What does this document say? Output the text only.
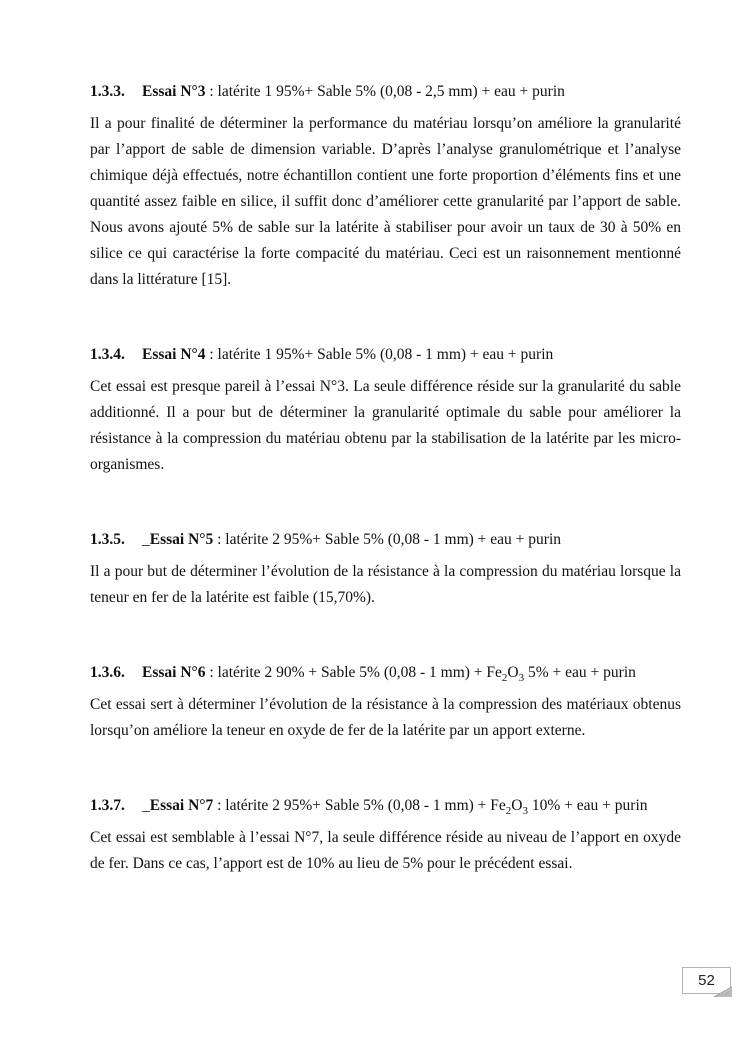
1.3.3. Essai N°3 : latérite 1 95%+ Sable 5% (0,08 - 2,5 mm) + eau + purin

Il a pour finalité de déterminer la performance du matériau lorsqu’on améliore la granularité par l’apport de sable de dimension variable. D’après l’analyse granulométrique et l’analyse chimique déjà effectués, notre échantillon contient une forte proportion d’éléments fins et une quantité assez faible en silice, il suffit donc d’améliorer cette granularité par l’apport de sable. Nous avons ajouté 5% de sable sur la latérite à stabiliser pour avoir un taux de 30 à 50% en silice ce qui caractérise la forte compacité du matériau. Ceci est un raisonnement mentionné dans la littérature [15].

1.3.4. Essai N°4 : latérite 1 95%+ Sable 5% (0,08 - 1 mm) + eau + purin

Cet essai est presque pareil à l’essai N°3. La seule différence réside sur la granularité du sable additionné. Il a pour but de déterminer la granularité optimale du sable pour améliorer la résistance à la compression du matériau obtenu par la stabilisation de la latérite par les micro-organismes.

1.3.5. _Essai N°5 : latérite 2 95%+ Sable 5% (0,08 - 1 mm) + eau + purin

Il a pour but de déterminer l’évolution de la résistance à la compression du matériau lorsque la teneur en fer de la latérite est faible (15,70%).

1.3.6. Essai N°6 : latérite 2 90% + Sable 5% (0,08 - 1 $mm) + Fe_2O_3$ 5% + eau + purin

Cet essai sert à déterminer l’évolution de la résistance à la compression des matériaux obtenus lorsqu’on améliore la teneur en oxyde de fer de la latérite par un apport externe.

1.3.7. _Essai N°7 : latérite 2 95%+ Sable 5% (0,08 - 1 $mm) + Fe_2O_3$ 10% + eau + purin

Cet essai est semblable à l’essai N°7, la seule différence réside au niveau de l’apport en oxyde de fer. Dans ce cas, l’apport est de 10% au lieu de 5% pour le précédent essai.

52
